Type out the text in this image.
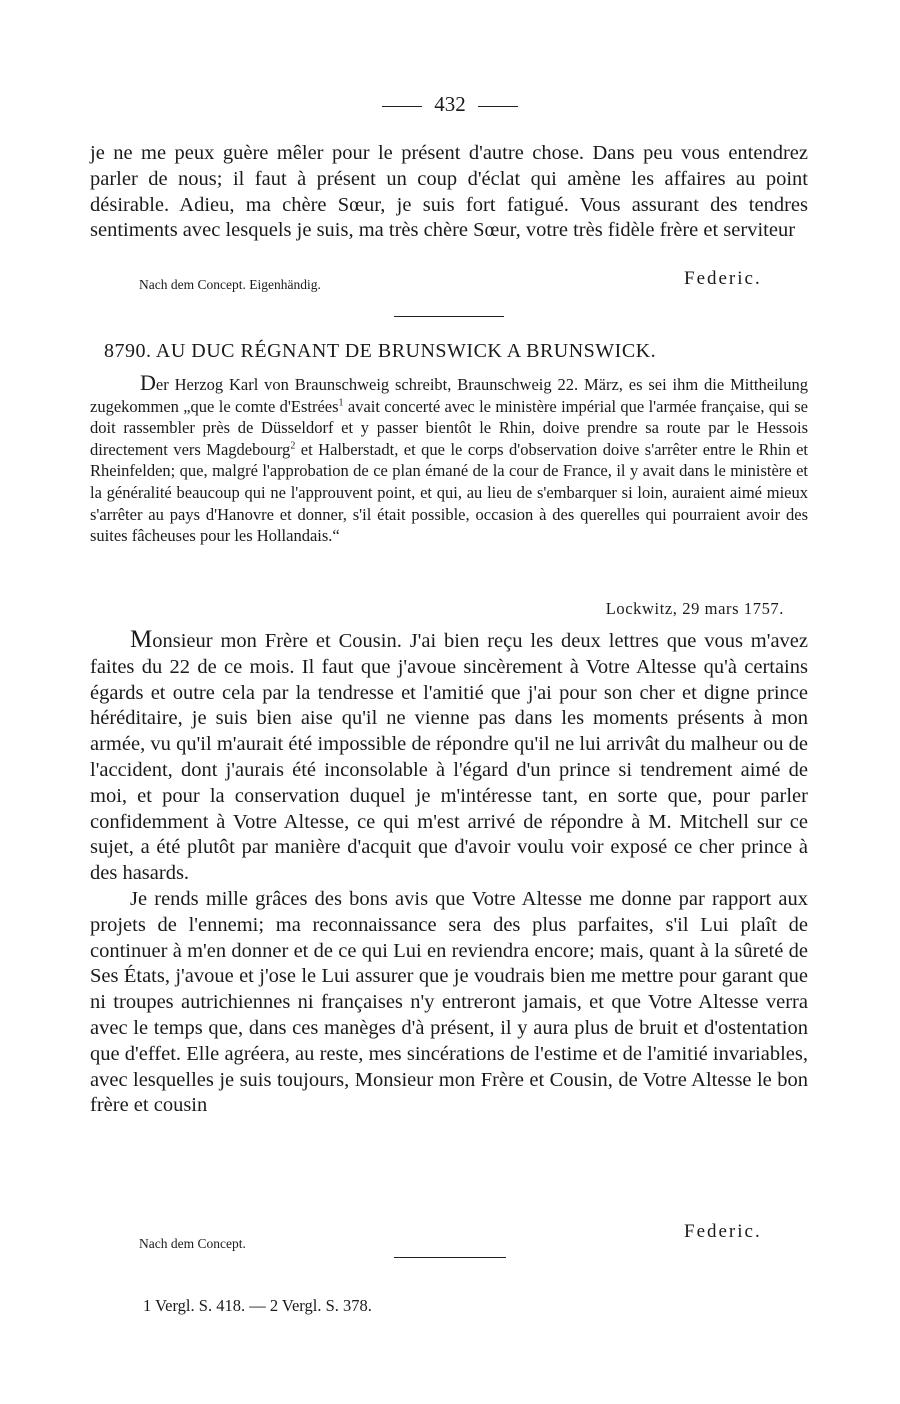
432

je ne me peux guère mêler pour le présent d'autre chose. Dans peu vous entendrez parler de nous; il faut à présent un coup d'éclat qui amène les affaires au point désirable. Adieu, ma chère Sœur, je suis fort fatigué. Vous assurant des tendres sentiments avec lesquels je suis, ma très chère Sœur, votre très fidèle frère et serviteur

Nach dem Concept. Eigenhändig.	Federic.
8790. AU DUC RÉGNANT DE BRUNSWICK A BRUNSWICK.

Der Herzog Karl von Braunschweig schreibt, Braunschweig 22. März, es sei ihm die Mittheilung zugekommen „que le comte d'Estrées$^1$ avait concerté avec le ministère impérial que l'armée française, qui se doit rassembler près de Düsseldorf et y passer bientôt le Rhin, doive prendre sa route par le Hessois directement vers Magdebourg$^2$ et Halberstadt, et que le corps d'observation doive s'arrêter entre le Rhin et Rheinfelden; que, malgré l'approbation de ce plan émané de la cour de France, il y avait dans le ministère et la généralité beaucoup qui ne l'approuvent point, et qui, au lieu de s'embarquer si loin, auraient aimé mieux s'arrêter au pays d'Hanovre et donner, s'il était possible, occasion à des querelles qui pourraient avoir des suites fâcheuses pour les Hollandais.“

Lockwitz, 29 mars 1757.

Monsieur mon Frère et Cousin. J'ai bien reçu les deux lettres que vous m'avez faites du 22 de ce mois. Il faut que j'avoue sincèrement à Votre Altesse qu'à certains égards et outre cela par la tendresse et l'amitié que j'ai pour son cher et digne prince héréditaire, je suis bien aise qu'il ne vienne pas dans les moments présents à mon armée, vu qu'il m'aurait été impossible de répondre qu'il ne lui arrivât du malheur ou de l'accident, dont j'aurais été inconsolable à l'égard d'un prince si tendrement aimé de moi, et pour la conservation duquel je m'intéresse tant, en sorte que, pour parler confidemment à Votre Altesse, ce qui m'est arrivé de répondre à M. Mitchell sur ce sujet, a été plutôt par manière d'acquit que d'avoir voulu voir exposé ce cher prince à des hasards.

Je rends mille grâces des bons avis que Votre Altesse me donne par rapport aux projets de l'ennemi; ma reconnaissance sera des plus parfaites, s'il Lui plaît de continuer à m'en donner et de ce qui Lui en reviendra encore; mais, quant à la sûreté de Ses États, j'avoue et j'ose le Lui assurer que je voudrais bien me mettre pour garant que ni troupes autrichiennes ni françaises n'y entreront jamais, et que Votre Altesse verra avec le temps que, dans ces manèges d'à présent, il y aura plus de bruit et d'ostentation que d'effet. Elle agréera, au reste, mes sincérations de l'estime et de l'amitié invariables, avec lesquelles je suis toujours, Monsieur mon Frère et Cousin, de Votre Altesse le bon frère et cousin

Nach dem Concept.
Federic.
1 Vergl. S. 418. — 2 Vergl. S. 378.
